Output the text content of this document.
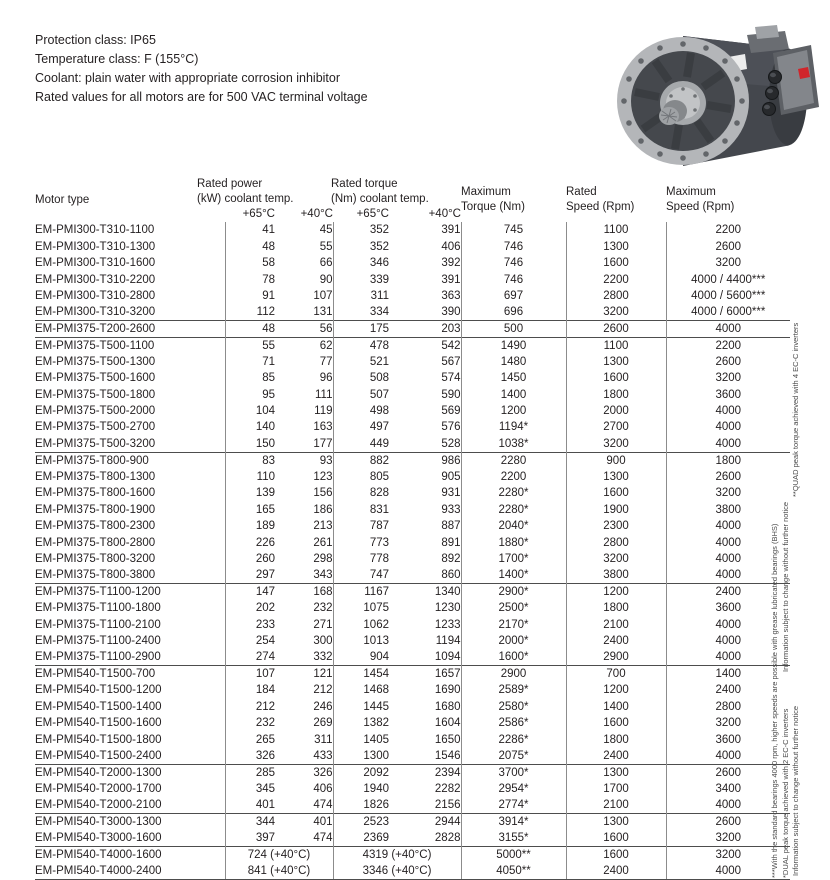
Protection class: IP65
Temperature class: F (155°C)
Coolant: plain water with appropriate corrosion inhibitor
Rated values for all motors are for 500 VAC terminal voltage
Motor type	
Rated power
(kW) coolant temp.

Rated torque
(Nm) coolant temp.

Maximum
Torque (Nm)

Rated
Speed (Rpm)

Maximum
Speed (Rpm)

	+65°C	+40°C	+65°C	+40°C			
EM-PMI300-T310-1100	41	45	352	391	745	1100	2200
EM-PMI300-T310-1300	48	55	352	406	746	1300	2600
EM-PMI300-T310-1600	58	66	346	392	746	1600	3200
EM-PMI300-T310-2200	78	90	339	391	746	2200	4000 / 4400***
EM-PMI300-T310-2800	91	107	311	363	697	2800	4000 / 5600***
EM-PMI300-T310-3200	112	131	334	390	696	3200	4000 / 6000***
EM-PMI375-T200-2600	48	56	175	203	500	2600	4000
EM-PMI375-T500-1100	55	62	478	542	1490	1100	2200
EM-PMI375-T500-1300	71	77	521	567	1480	1300	2600
EM-PMI375-T500-1600	85	96	508	574	1450	1600	3200
EM-PMI375-T500-1800	95	111	507	590	1400	1800	3600
EM-PMI375-T500-2000	104	119	498	569	1200	2000	4000
EM-PMI375-T500-2700	140	163	497	576	1194*	2700	4000
EM-PMI375-T500-3200	150	177	449	528	1038*	3200	4000
EM-PMI375-T800-900	83	93	882	986	2280	900	1800
EM-PMI375-T800-1300	110	123	805	905	2200	1300	2600
EM-PMI375-T800-1600	139	156	828	931	2280*	1600	3200
EM-PMI375-T800-1900	165	186	831	933	2280*	1900	3800
EM-PMI375-T800-2300	189	213	787	887	2040*	2300	4000
EM-PMI375-T800-2800	226	261	773	891	1880*	2800	4000
EM-PMI375-T800-3200	260	298	778	892	1700*	3200	4000
EM-PMI375-T800-3800	297	343	747	860	1400*	3800	4000
EM-PMI375-T1100-1200	147	168	1167	1340	2900*	1200	2400
EM-PMI375-T1100-1800	202	232	1075	1230	2500*	1800	3600
EM-PMI375-T1100-2100	233	271	1062	1233	2170*	2100	4000
EM-PMI375-T1100-2400	254	300	1013	1194	2000*	2400	4000
EM-PMI375-T1100-2900	274	332	904	1094	1600*	2900	4000
EM-PMI540-T1500-700	107	121	1454	1657	2900	700	1400
EM-PMI540-T1500-1200	184	212	1468	1690	2589*	1200	2400
EM-PMI540-T1500-1400	212	246	1445	1680	2580*	1400	2800
EM-PMI540-T1500-1600	232	269	1382	1604	2586*	1600	3200
EM-PMI540-T1500-1800	265	311	1405	1650	2286*	1800	3600
EM-PMI540-T1500-2400	326	433	1300	1546	2075*	2400	4000
EM-PMI540-T2000-1300	285	326	2092	2394	3700*	1300	2600
EM-PMI540-T2000-1700	345	406	1940	2282	2954*	1700	3400
EM-PMI540-T2000-2100	401	474	1826	2156	2774*	2100	4000
EM-PMI540-T3000-1300	344	401	2523	2944	3914*	1300	2600
EM-PMI540-T3000-1600	397	474	2369	2828	3155*	1600	3200
EM-PMI540-T4000-1600	724 (+40°C)		4319 (+40°C)		5000**	1600	3200
EM-PMI540-T4000-2400	841 (+40°C)		3346 (+40°C)		4050**	2400	4000
**QUAD peak torque achieved with 4 EC-C inverters
Information subject to change without further notice
***With the standard bearings 4000 rpm, higher speeds are possible with grease lubricated bearings (BHS) *DUAL peak torque achieved with 2 EC-C inverters Information subject to change without further notice
